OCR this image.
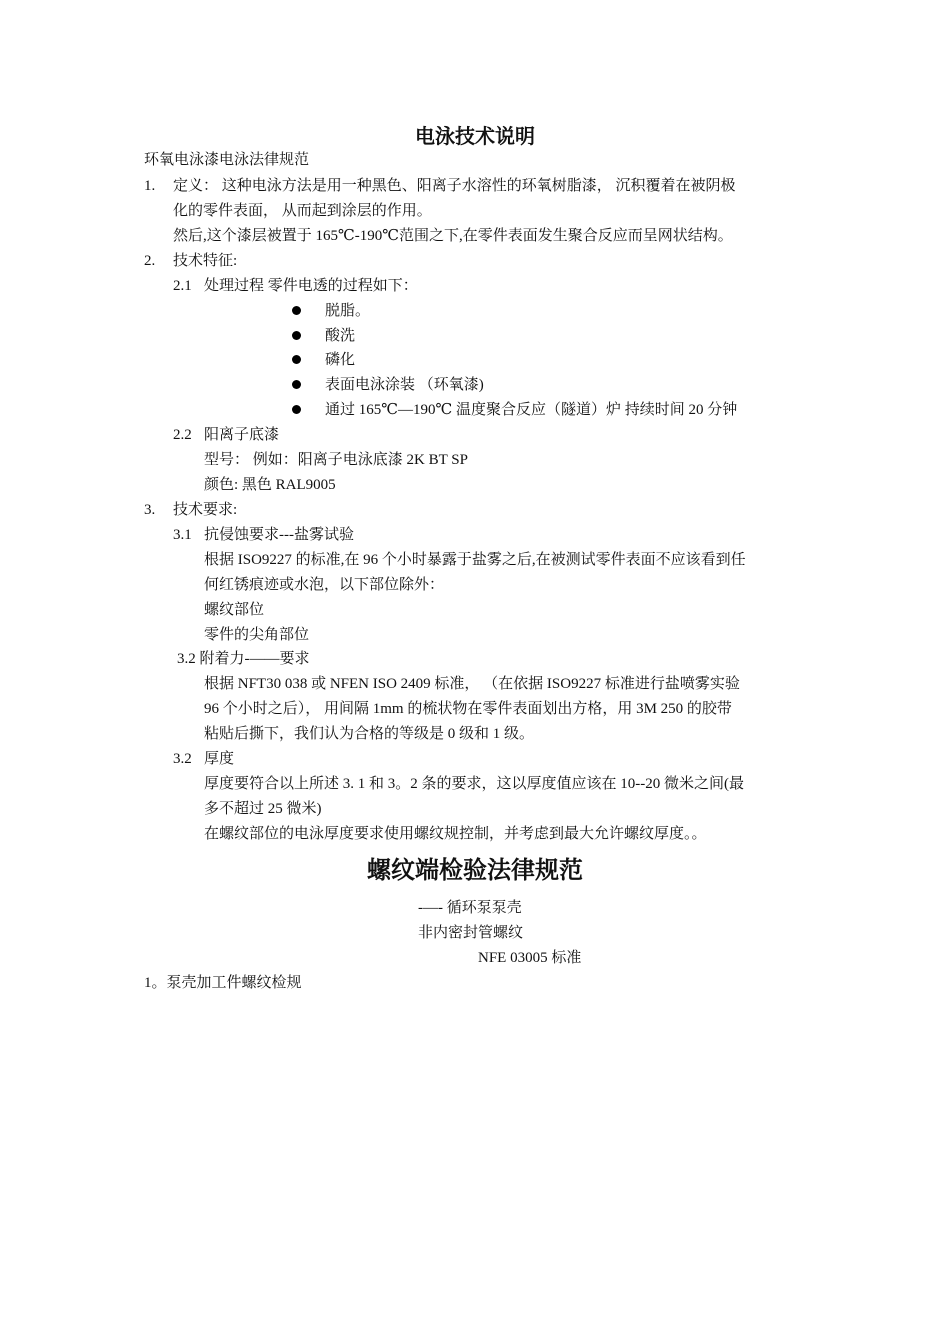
电泳技术说明
环氧电泳漆电泳法律规范
1. 定义： 这种电泳方法是用一种黑色、阳离子水溶性的环氧树脂漆， 沉积覆着在被阴极
化的零件表面， 从而起到涂层的作用。
然后,这个漆层被置于 165℃-190℃范围之下,在零件表面发生聚合反应而呈网状结构。
2. 技术特征:
2.1 处理过程 零件电透的过程如下：
脱脂。
酸洗
磷化
表面电泳涂装 （环氧漆)
通过 165℃—190℃ 温度聚合反应（隧道）炉 持续时间 20 分钟
2.2 阳离子底漆
型号： 例如：阳离子电泳底漆 2K BT SP
颜色: 黑色 RAL9005
3. 技术要求:
3.1 抗侵蚀要求---盐雾试验
根据 ISO9227 的标准,在 96 个小时暴露于盐雾之后,在被测试零件表面不应该看到任
何红锈痕迹或水泡，以下部位除外：
螺纹部位
零件的尖角部位
3.2 附着力-——要求
根据 NFT30 038 或 NFEN ISO 2409 标准， （在依据 ISO9227 标准进行盐喷雾实验
96 个小时之后）， 用间隔 1mm 的梳状物在零件表面划出方格，用 3M 250 的胶带
粘贴后撕下，我们认为合格的等级是 0 级和 1 级。
3.2 厚度
厚度要符合以上所述 3. 1 和 3。2 条的要求，这以厚度值应该在 10--20 微米之间(最
多不超过 25 微米)
在螺纹部位的电泳厚度要求使用螺纹规控制，并考虑到最大允许螺纹厚度。。
螺纹端检验法律规范
-—- 循环泵泵壳
非内密封管螺纹
NFE 03005 标准
1。泵壳加工件螺纹检规
